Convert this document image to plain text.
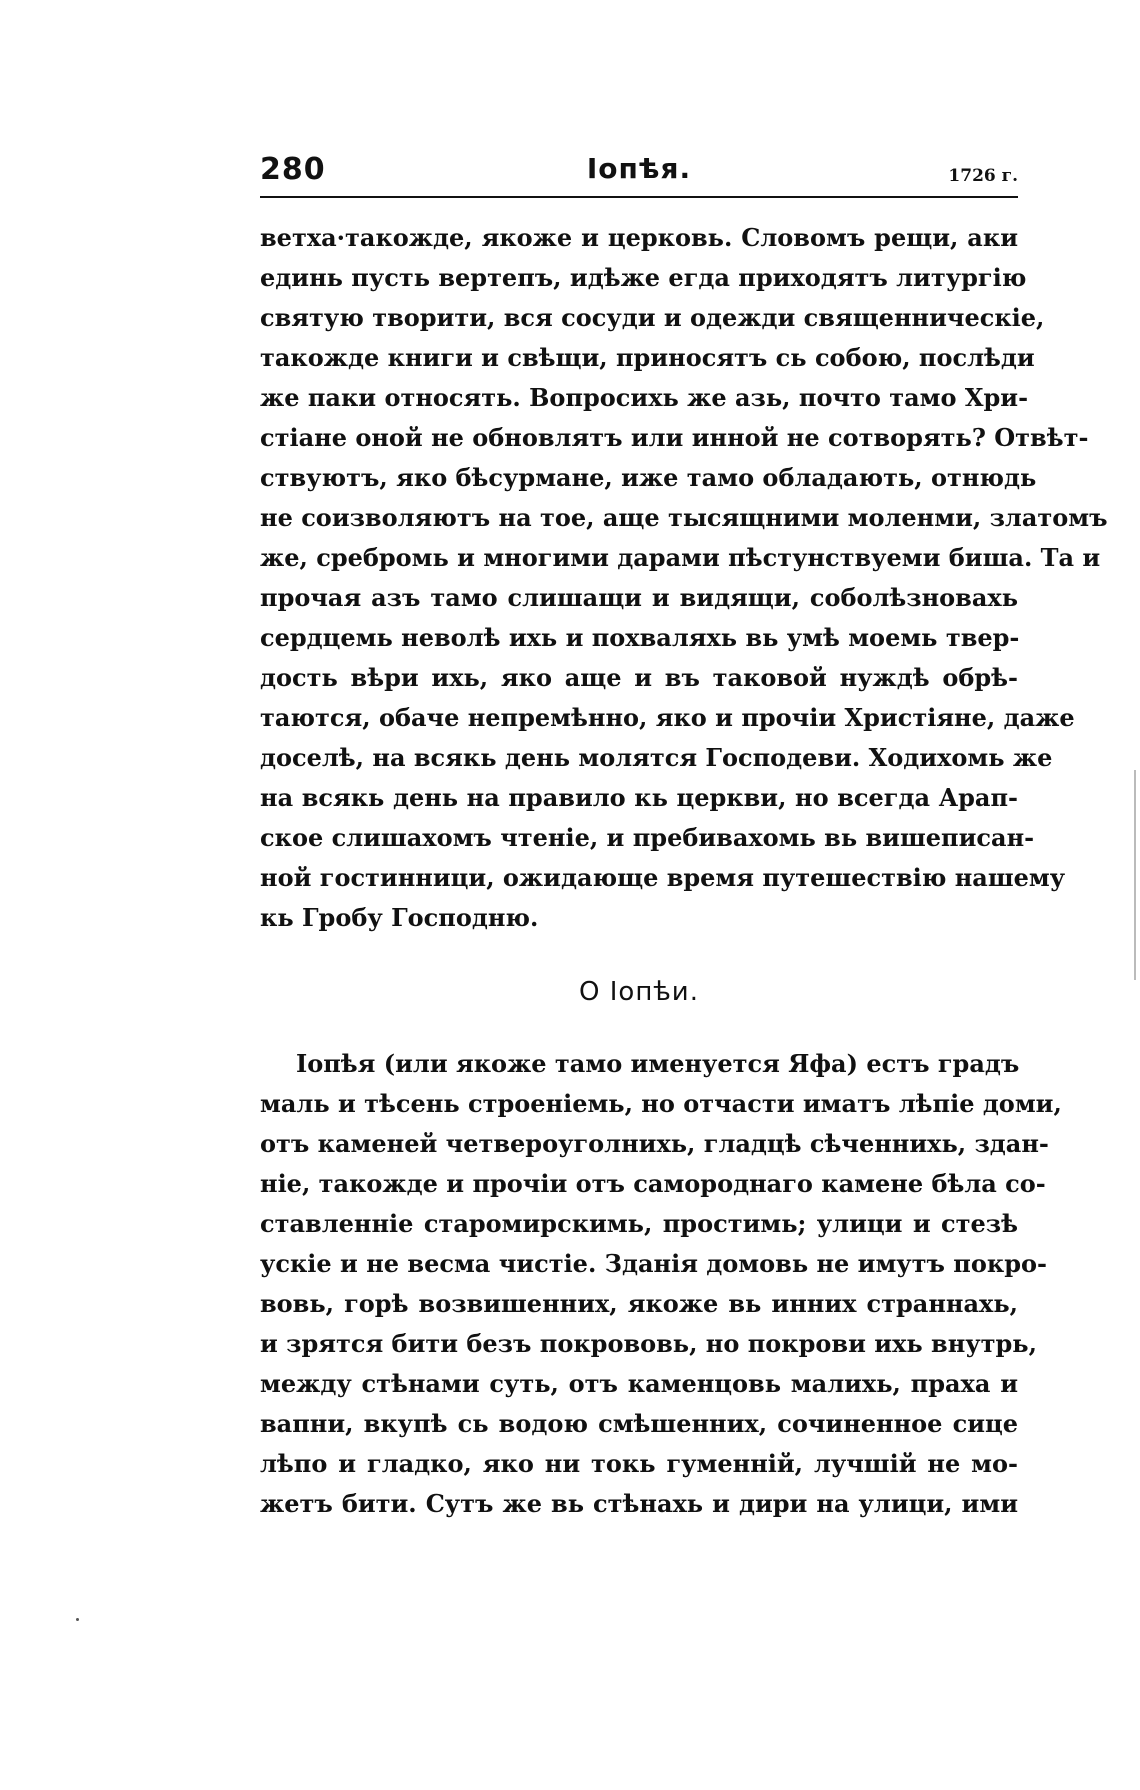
280	Іопѣя.	1726 г.
ветха·такожде, якоже и церковь. Словомъ рещи, аки
единь пусть вертепъ, идѣже егда приходятъ литургію
святую творити, вся сосуди и одежди священническіе,
такожде книги и свѣщи, приносятъ сь собою, послѣди
же паки относять. Вопросихь же азь, почто тамо Хри-
стіане оной не обновлятъ или инной не сотворять? Отвѣт-
ствуютъ, яко бѣсурмане, иже тамо обладають, отнюдь
не соизволяютъ на тое, аще тысящними моленми, златомъ
же, сребромь и многими дарами пѣстунствуеми биша. Та и
прочая азъ тамо слишащи и видящи, соболѣзновахь
сердцемь неволѣ ихь и похваляхь вь умѣ моемь твер-
дость вѣри ихь, яко аще и въ таковой нуждѣ обрѣ-
таются, обаче непремѣнно, яко и прочіи Христіяне, даже
доселѣ, на всякь день молятся Господеви. Ходихомь же
на всякь день на правило кь церкви, но всегда Арап-
ское слишахомъ чтеніе, и пребивахомь вь вишеписан-
ной гостинници, ожидающе время путешествію нашему
кь Гробу Господню.
О Іопѣи.
Іопѣя (или якоже тамо именуется Яфа) естъ градъ
маль и тѣсень строеніемь, но отчасти иматъ лѣпіе доми,
отъ каменей четвероуголнихь, гладцѣ сѣченнихь, здан-
ніе, такожде и прочіи отъ самороднаго камене бѣла со-
ставленніе старомирскимь, простимь; улици и стезѣ
ускіе и не весма чистіе. Зданія домовь не имутъ покро-
вовь, горѣ возвишенних, якоже вь инних страннахь,
и зрятся бити безъ покрововь, но покрови ихь внутрь,
между стѣнами суть, отъ каменцовь малихь, праха и
вапни, вкупѣ сь водою смѣшенних, сочиненное сице
лѣпо и гладко, яко ни токь гуменній, лучшій не мо-
жетъ бити. Сутъ же вь стѣнахь и дири на улици, ими
